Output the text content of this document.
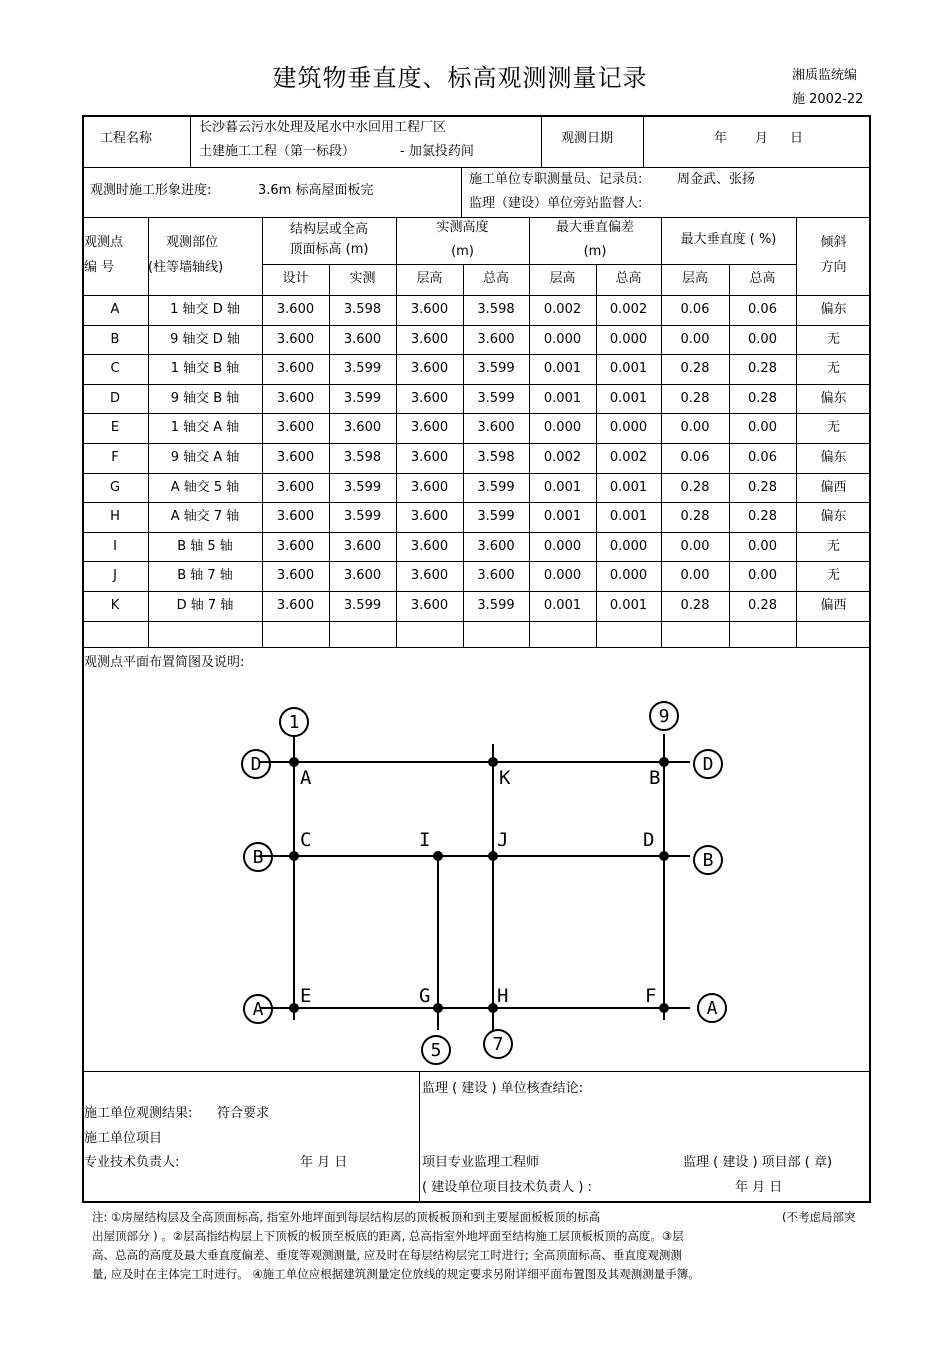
建筑物垂直度、标高观测测量记录	湘质监统编
施 2002-22
工程名称
长沙暮云污水处理及尾水中水回用工程厂区
土建施工工程（第一标段）	- 加氯投药间
观测日期	年 月 日
观测时施工形象进度:	3.6m 标高屋面板完
施工单位专职测量员、记录员:	周金武、张扬
监理（建设）单位旁站监督人:
观测点
编 号
观测部位
(柱等墙轴线)
结构层或全高
顶面标高 (m)
设计	实测
实测高度
(m)
层高	总高
最大垂直偏差
(m)
层高	总高
最大垂直度 ( %)
层高	总高
倾斜
方向
A	1 轴交 D 轴	3.600	3.598	3.600	3.598	0.002	0.002	0.06	0.06	偏东
B	9 轴交 D 轴	3.600	3.600	3.600	3.600	0.000	0.000	0.00	0.00	无
C	1 轴交 B 轴	3.600	3.599	3.600	3.599	0.001	0.001	0.28	0.28	无
D	9 轴交 B 轴	3.600	3.599	3.600	3.599	0.001	0.001	0.28	0.28	偏东
E	1 轴交 A 轴	3.600	3.600	3.600	3.600	0.000	0.000	0.00	0.00	无
F	9 轴交 A 轴	3.600	3.598	3.600	3.598	0.002	0.002	0.06	0.06	偏东
G	A 轴交 5 轴	3.600	3.599	3.600	3.599	0.001	0.001	0.28	0.28	偏西
H	A 轴交 7 轴	3.600	3.599	3.600	3.599	0.001	0.001	0.28	0.28	偏东
I	B 轴 5 轴	3.600	3.600	3.600	3.600	0.000	0.000	0.00	0.00	无
J	B 轴 7 轴	3.600	3.600	3.600	3.600	0.000	0.000	0.00	0.00	无
K	D 轴 7 轴	3.600	3.599	3.600	3.599	0.001	0.001	0.28	0.28	偏西
观测点平面布置简图及说明:
1	9
5	7
D	D
B	B
A	A
A	K	B
C	I	J	D
E	G	H	F
施工单位观测结果: 符合要求
施工单位项目
专业技术负责人:	年 月 日
监理 ( 建设 ) 单位核查结论:
项目专业监理工程师	监理 ( 建设 ) 项目部 ( 章)
( 建设单位项目技术负责人 ) :	年 月 日
注: ①房屋结构层及全高顶面标高, 指室外地坪面到每层结构层的顶板板顶和到主要屋面板板顶的标高	(不考虑局部突
出屋顶部分 ) 。②层高指结构层上下顶板的板顶至板底的距离, 总高指室外地坪面至结构施工层顶板板顶的高度。③层
高、总高的高度及最大垂直度偏差、垂度等观测测量, 应及时在每层结构层完工时进行; 全高顶面标高、垂直度观测测
量, 应及时在主体完工时进行。 ④施工单位应根据建筑测量定位放线的规定要求另附详细平面布置图及其观测测量手簿。
